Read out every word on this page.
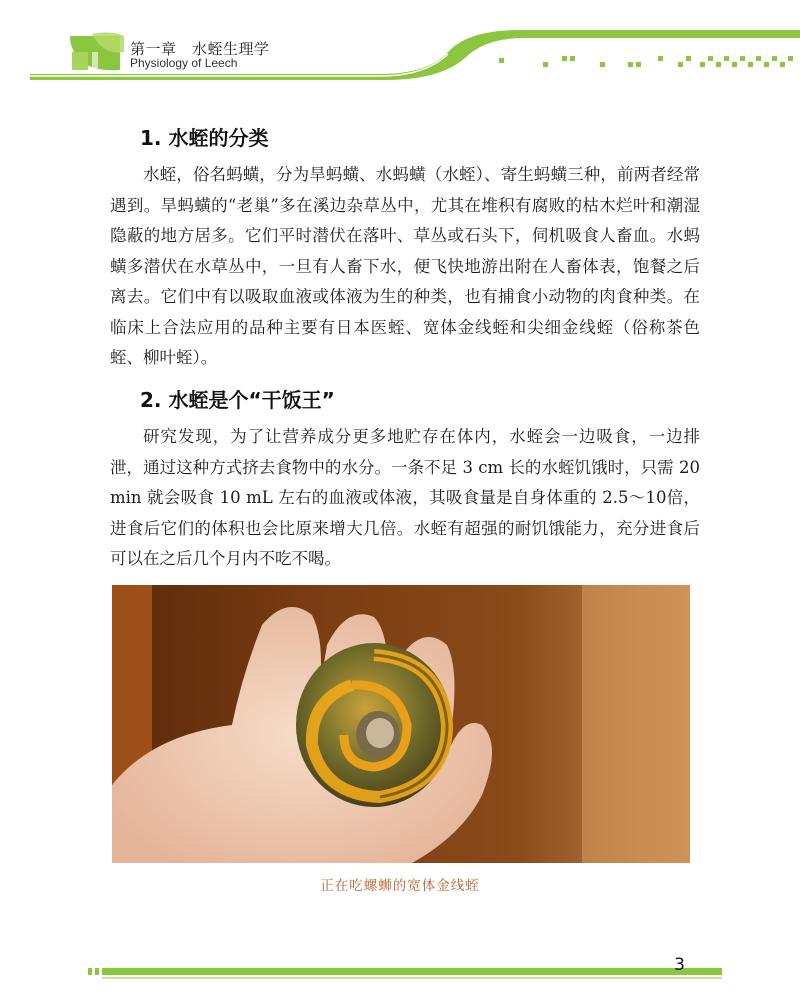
第一章　水蛭生理学
Physiology of Leech
1. 水蛭的分类

水蛭，俗名蚂蟥，分为旱蚂蟥、水蚂蟥（水蛭）、寄生蚂蟥三种，前两者经常遇到。旱蚂蟥的“老巢”多在溪边杂草丛中，尤其在堆积有腐败的枯木烂叶和潮湿隐蔽的地方居多。它们平时潜伏在落叶、草丛或石头下，伺机吸食人畜血。水蚂蟥多潜伏在水草丛中，一旦有人畜下水，便飞快地游出附在人畜体表，饱餐之后离去。它们中有以吸取血液或体液为生的种类，也有捕食小动物的肉食种类。在临床上合法应用的品种主要有日本医蛭、宽体金线蛭和尖细金线蛭（俗称茶色蛭、柳叶蛭）。

2. 水蛭是个“干饭王”

研究发现，为了让营养成分更多地贮存在体内，水蛭会一边吸食，一边排泄，通过这种方式挤去食物中的水分。一条不足 3 cm 长的水蛭饥饿时，只需 20 min 就会吸食 10 mL 左右的血液或体液，其吸食量是自身体重的 2.5～10倍，进食后它们的体积也会比原来增大几倍。水蛭有超强的耐饥饿能力，充分进食后可以在之后几个月内不吃不喝。

正在吃螺蛳的宽体金线蛭
3
